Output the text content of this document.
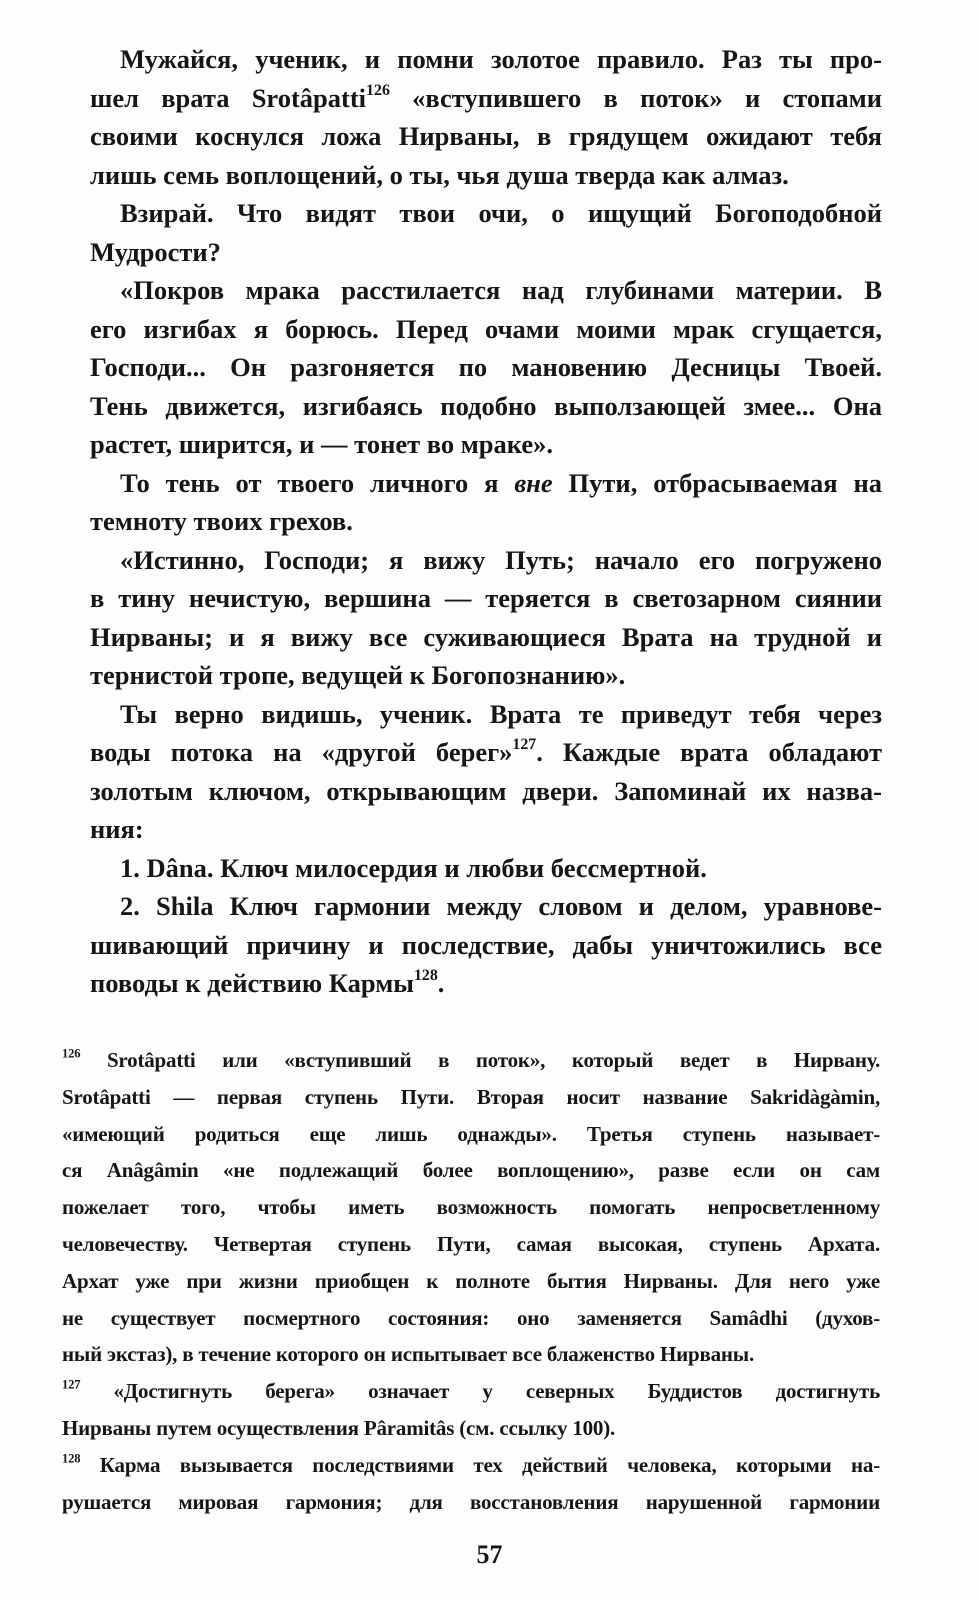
Мужайся, ученик, и помни золотое правило. Раз ты про-
шел врата Srotâpatti$^{126}$ «вступившего в поток» и стопами
своими коснулся ложа Нирваны, в грядущем ожидают тебя
лишь семь воплощений, о ты, чья душа тверда как алмаз.
Взирай. Что видят твои очи, о ищущий Богоподобной
Мудрости?
«Покров мрака расстилается над глубинами материи. В
его изгибах я борюсь. Перед очами моими мрак сгущается,
Господи... Он разгоняется по мановению Десницы Твоей.
Тень движется, изгибаясь подобно выползающей змее... Она
растет, ширится, и — тонет во мраке».
То тень от твоего личного я вне Пути, отбрасываемая на
темноту твоих грехов.
«Истинно, Господи; я вижу Путь; начало его погружено
в тину нечистую, вершина — теряется в светозарном сиянии
Нирваны; и я вижу все суживающиеся Врата на трудной и
тернистой тропе, ведущей к Богопознанию».
Ты верно видишь, ученик. Врата те приведут тебя через
воды потока на «другой берег»$^{127}$. Каждые врата обладают
золотым ключом, открывающим двери. Запоминай их назва-
ния:
1. Dâna. Ключ милосердия и любви бессмертной.
2. Shila Ключ гармонии между словом и делом, уравнове-
шивающий причину и последствие, дабы уничтожились все
поводы к действию Кармы$^{128}$.
$^{126}$ Srotâpatti или «вступивший в поток», который ведет в Нирвану.
Srotâpatti — первая ступень Пути. Вторая носит название Sakridàgàmin,
«имеющий родиться еще лишь однажды». Третья ступень называет-
ся Anâgâmin «не подлежащий более воплощению», разве если он сам
пожелает того, чтобы иметь возможность помогать непросветленному
человечеству. Четвертая ступень Пути, самая высокая, ступень Архата.
Архат уже при жизни приобщен к полноте бытия Нирваны. Для него уже
не существует посмертного состояния: оно заменяется Samâdhi (духов-
ный экстаз), в течение которого он испытывает все блаженство Нирваны.
$^{127}$ «Достигнуть берега» означает у северных Буддистов достигнуть
Нирваны путем осуществления Pâramitâs (см. ссылку 100).
$^{128}$ Карма вызывается последствиями тех действий человека, которыми на-
рушается мировая гармония; для восстановления нарушенной гармонии
57
